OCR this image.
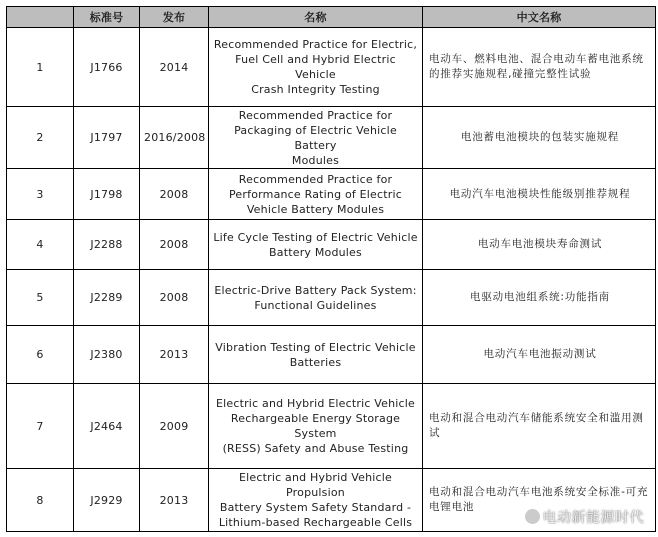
	标准号	发布	名称	中文名称
1	J1766	2014	Recommended Practice for Electric,
Fuel Cell and Hybrid Electric Vehicle
Crash Integrity Testing	电动车、燃料电池、混合电动车蓄电池系统的推荐实施规程,碰撞完整性试验
2	J1797	2016/2008	Recommended Practice for
Packaging of Electric Vehicle Battery
Modules	电池蓄电池模块的包装实施规程
3	J1798	2008	Recommended Practice for
Performance Rating of Electric
Vehicle Battery Modules	电动汽车电池模块性能级别推荐规程
4	J2288	2008	Life Cycle Testing of Electric Vehicle
Battery Modules	电动车电池模块寿命测试
5	J2289	2008	Electric-Drive Battery Pack System:
Functional Guidelines	电驱动电池组系统:功能指南
6	J2380	2013	Vibration Testing of Electric Vehicle
Batteries	电动汽车电池振动测试
7	J2464	2009	Electric and Hybrid Electric Vehicle
Rechargeable Energy Storage System
(RESS) Safety and Abuse Testing	电动和混合电动汽车储能系统安全和滥用测试
8	J2929	2013	Electric and Hybrid Vehicle Propulsion
Battery System Safety Standard -
Lithium-based Rechargeable Cells	电动和混合电动汽车电池系统安全标准-可充电锂电池
电动新能源时代
